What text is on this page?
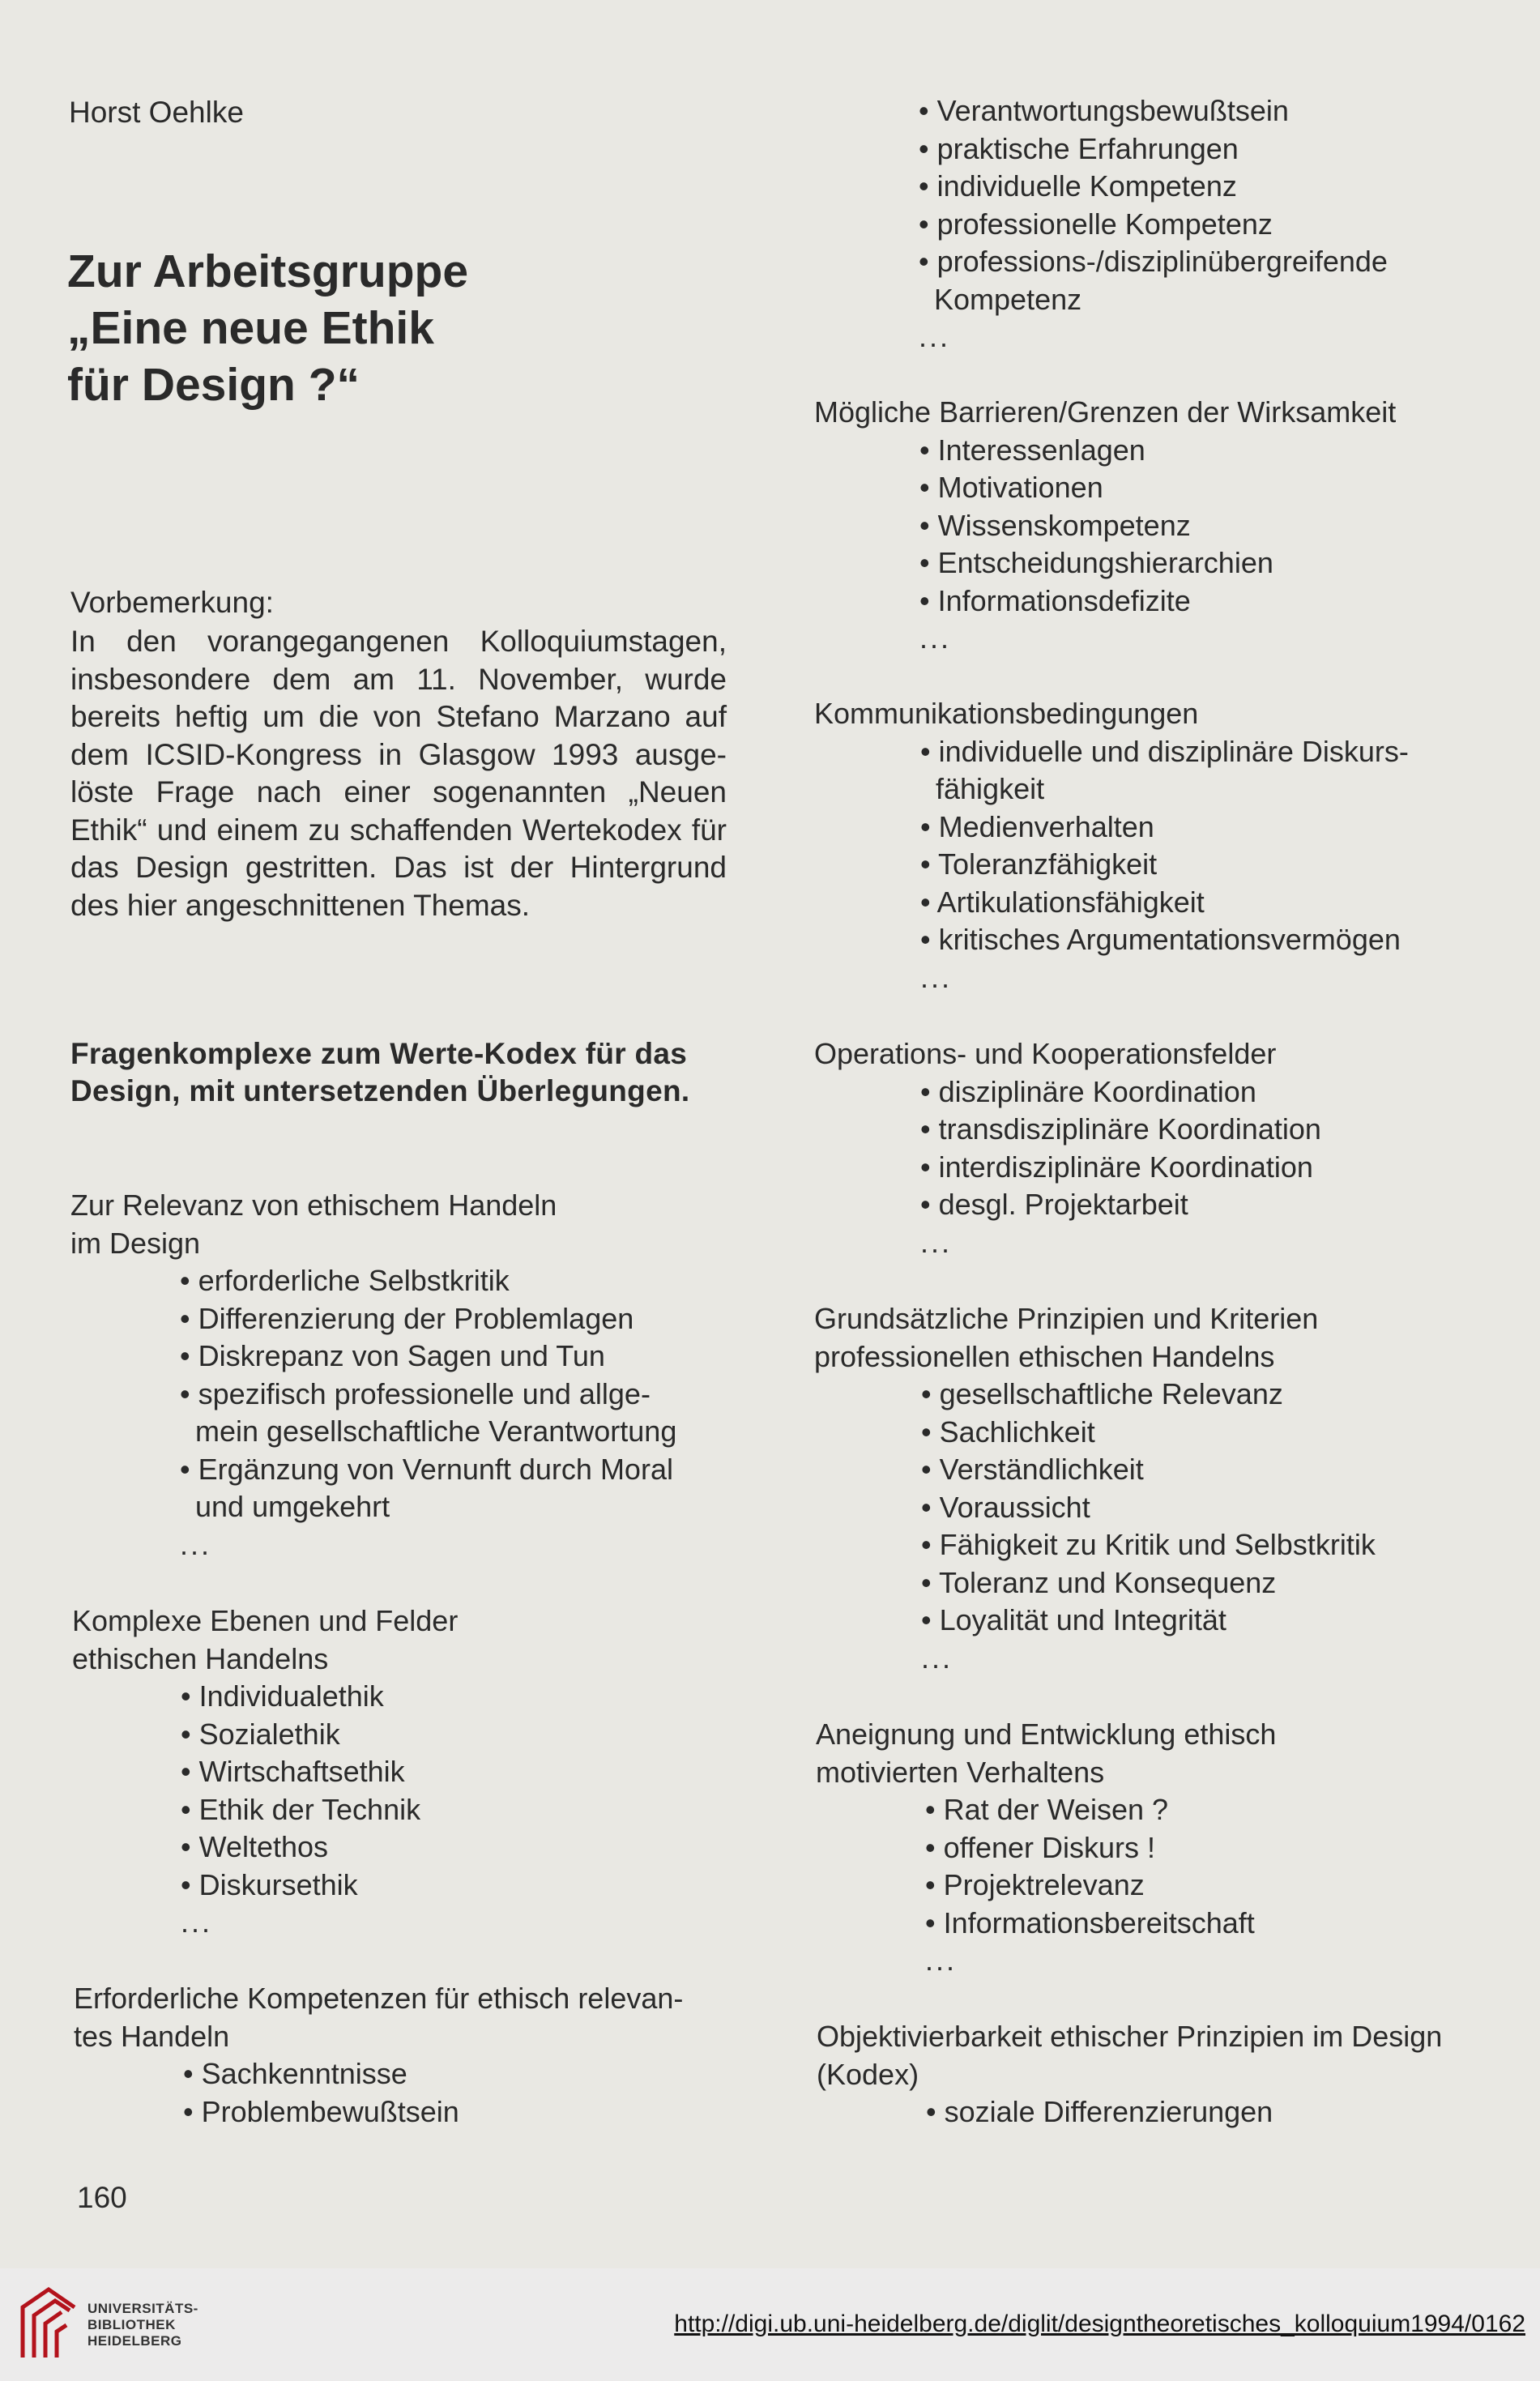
Horst Oehlke
Zur Arbeitsgruppe
„Eine neue Ethik
für Design ?“
Vorbemerkung:
In den vorangegangenen Kolloquiumstagen, insbesondere dem am 11. November, wurde bereits heftig um die von Stefano Marzano auf dem ICSID-Kongress in Glasgow 1993 ausge-löste Frage nach einer sogenannten „Neuen Ethik“ und einem zu schaffenden Wertekodex für das Design gestritten. Das ist der Hintergrund des hier angeschnittenen Themas.
Fragenkomplexe zum Werte-Kodex für das
Design, mit untersetzenden Überlegungen.
Zur Relevanz von ethischem Handeln
im Design
• erforderliche Selbstkritik
• Differenzierung der Problemlagen
• Diskrepanz von Sagen und Tun
• spezifisch professionelle und allge-
mein gesellschaftliche Verantwortung
• Ergänzung von Vernunft durch Moral
und umgekehrt
...
Komplexe Ebenen und Felder
ethischen Handelns
• Individualethik
• Sozialethik
• Wirtschaftsethik
• Ethik der Technik
• Weltethos
• Diskursethik
...
Erforderliche Kompetenzen für ethisch relevan-
tes Handeln
• Sachkenntnisse
• Problembewußtsein
• Verantwortungsbewußtsein
• praktische Erfahrungen
• individuelle Kompetenz
• professionelle Kompetenz
• professions-/disziplinübergreifende
Kompetenz
...
Mögliche Barrieren/Grenzen der Wirksamkeit
• Interessenlagen
• Motivationen
• Wissenskompetenz
• Entscheidungshierarchien
• Informationsdefizite
...
Kommunikationsbedingungen
• individuelle und disziplinäre Diskurs-
fähigkeit
• Medienverhalten
• Toleranzfähigkeit
• Artikulationsfähigkeit
• kritisches Argumentationsvermögen
...
Operations- und Kooperationsfelder
• disziplinäre Koordination
• transdisziplinäre Koordination
• interdisziplinäre Koordination
• desgl. Projektarbeit
...
Grundsätzliche Prinzipien und Kriterien
professionellen ethischen Handelns
• gesellschaftliche Relevanz
• Sachlichkeit
• Verständlichkeit
• Voraussicht
• Fähigkeit zu Kritik und Selbstkritik
• Toleranz und Konsequenz
• Loyalität und Integrität
...
Aneignung und Entwicklung ethisch
motivierten Verhaltens
• Rat der Weisen ?
• offener Diskurs !
• Projektrelevanz
• Informationsbereitschaft
...
Objektivierbarkeit ethischer Prinzipien im Design
(Kodex)
• soziale Differenzierungen
160
UNIVERSITÄTS-
BIBLIOTHEK
HEIDELBERG
http://digi.ub.uni-heidelberg.de/diglit/designtheoretisches_kolloquium1994/0162
